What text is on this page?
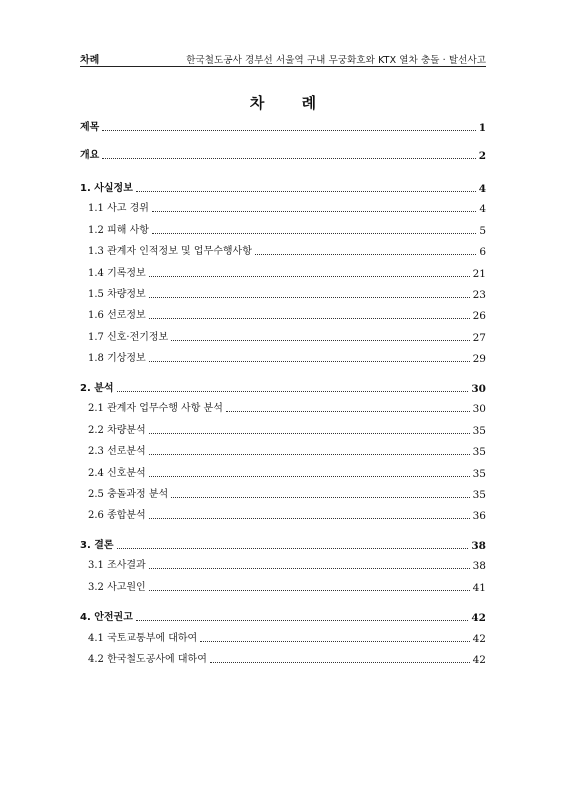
차례	한국철도공사 경부선 서울역 구내 무궁화호와 KTX 열차 충돌 · 탈선사고
차 례
제목	1
개요	2
1. 사실정보	4
1.1 사고 경위	4
1.2 피해 사항	5
1.3 관계자 인적정보 및 업무수행사항	6
1.4 기록정보	21
1.5 차량정보	23
1.6 선로정보	26
1.7 신호·전기정보	27
1.8 기상정보	29
2. 분석	30
2.1 관계자 업무수행 사항 분석	30
2.2 차량분석	35
2.3 선로분석	35
2.4 신호분석	35
2.5 충돌과정 분석	35
2.6 종합분석	36
3. 결론	38
3.1 조사결과	38
3.2 사고원인	41
4. 안전권고	42
4.1 국토교통부에 대하여	42
4.2 한국철도공사에 대하여	42
